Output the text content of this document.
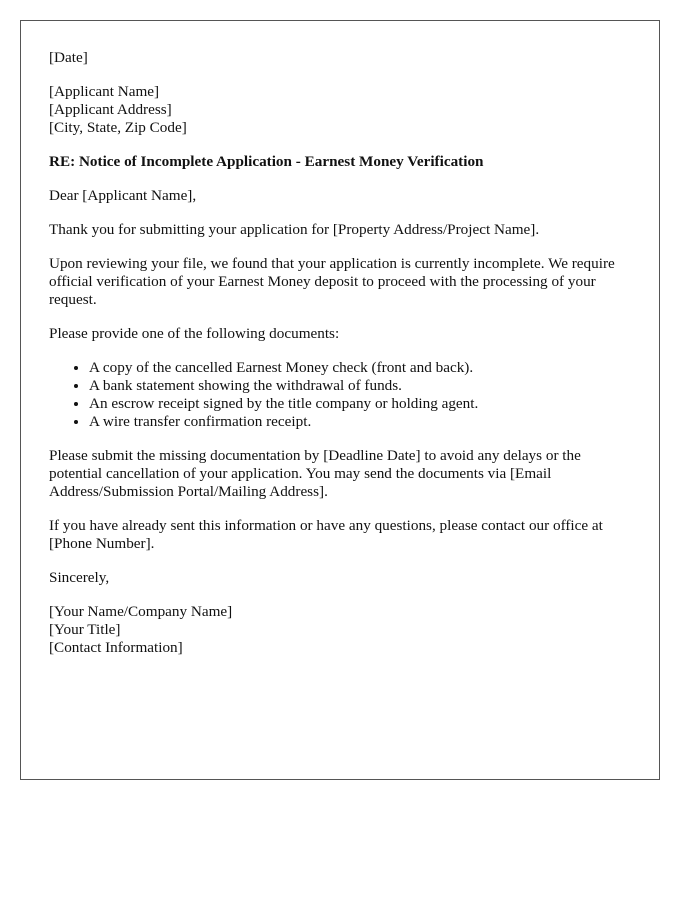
[Date]

[Applicant Name]

[Applicant Address]

[City, State, Zip Code]

RE: Notice of Incomplete Application - Earnest Money Verification

Dear [Applicant Name],

Thank you for submitting your application for [Property Address/Project Name].

Upon reviewing your file, we found that your application is currently incomplete. We require official verification of your Earnest Money deposit to proceed with the processing of your request.

Please provide one of the following documents:

• A copy of the cancelled Earnest Money check (front and back).
• A bank statement showing the withdrawal of funds.
• An escrow receipt signed by the title company or holding agent.
• A wire transfer confirmation receipt.

Please submit the missing documentation by [Deadline Date] to avoid any delays or the potential cancellation of your application. You may send the documents via [Email Address/Submission Portal/Mailing Address].

If you have already sent this information or have any questions, please contact our office at [Phone Number].

Sincerely,

[Your Name/Company Name]

[Your Title]

[Contact Information]
